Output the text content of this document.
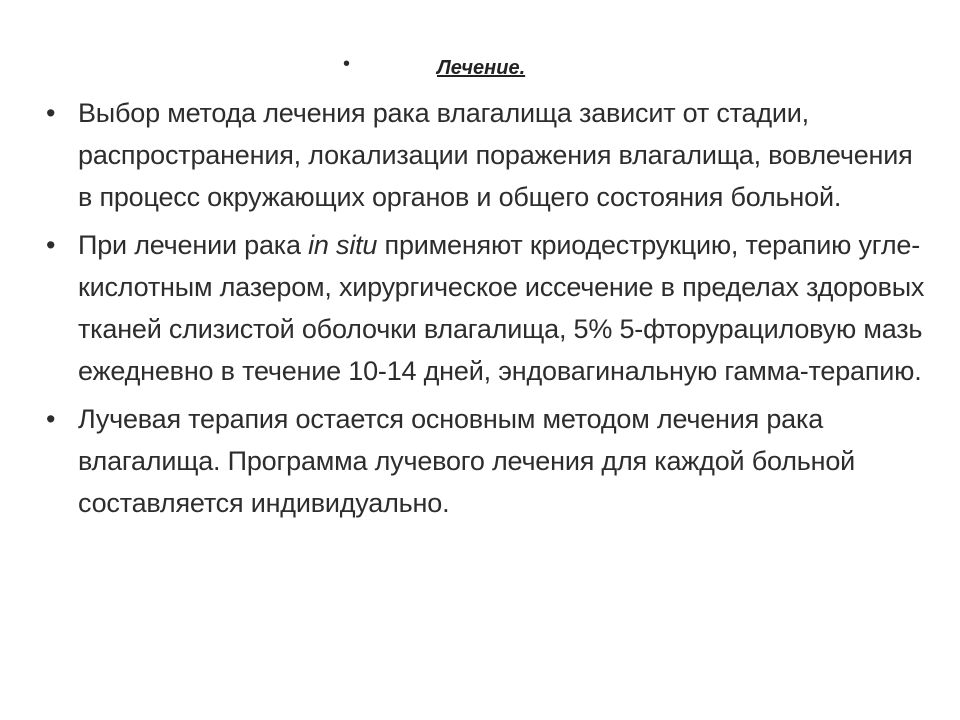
•	Лечение.
• Выбор метода лечения рака влагалища зависит от стадии, распространения, локализации поражения влагалища, вовлечения в процесс окружающих органов и общего состояния больной.
• При лечении рака in situ применяют криодеструкцию, терапию угле-кислотным лазером, хирургическое иссечение в пределах здоровых тканей слизистой оболочки влагалища, 5% 5-фторурациловую мазь ежедневно в течение 10-14 дней, эндовагинальную гамма-терапию.
• Лучевая терапия остается основным методом лечения рака влагалища. Программа лучевого лечения для каждой больной составляется индивидуально.
